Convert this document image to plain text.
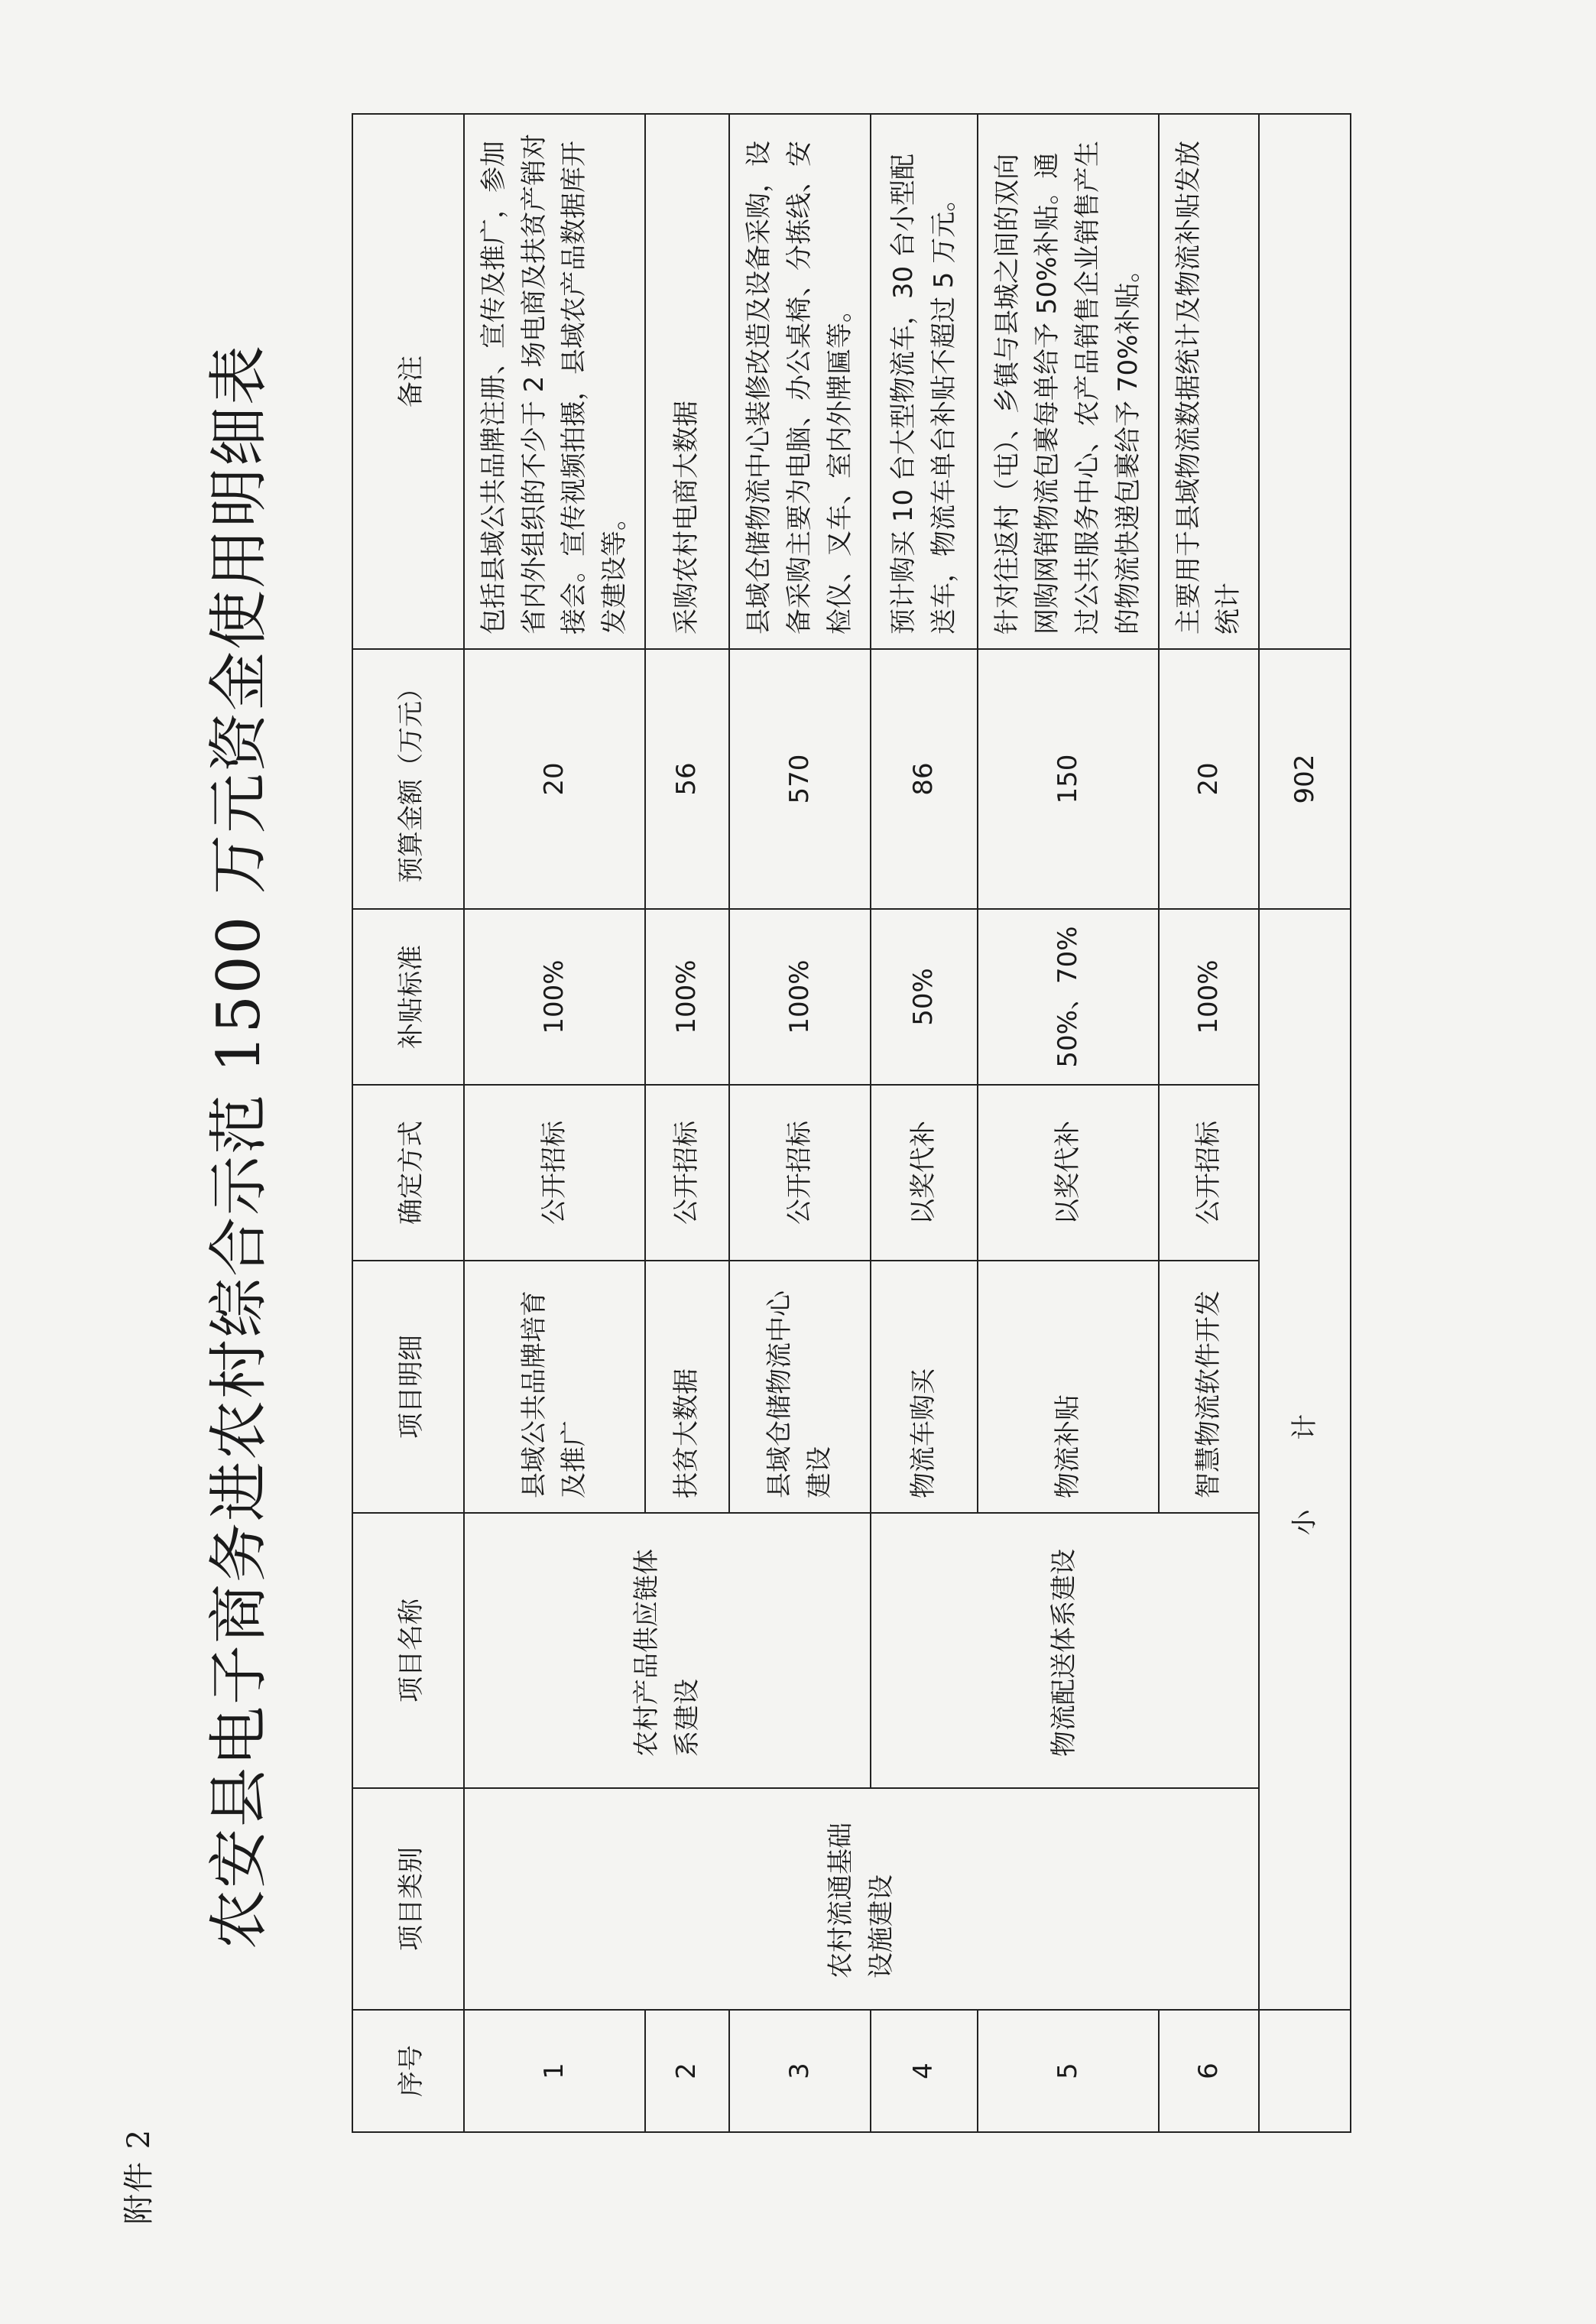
附件 2
农安县电子商务进农村综合示范 1500 万元资金使用明细表
序号	项目类别	项目名称	项目明细	确定方式	补贴标准	预算金额（万元）	备注
1	农村流通基础设施建设	农村产品供应链体系建设	县域公共品牌培育及推广	公开招标	100%	20	包括县域公共品牌注册、宣传及推广，参加省内外组织的不少于 2 场电商及扶贫产销对接会。宣传视频拍摄，县域农产品数据库开发建设等。
2			扶贫大数据	公开招标	100%	56	采购农村电商大数据
3			县域仓储物流中心建设	公开招标	100%	570	县域仓储物流中心装修改造及设备采购，设备采购主要为电脑、办公桌椅、分拣线、安检仪、叉车、室内外牌匾等。
4		物流配送体系建设	物流车购买	以奖代补	50%	86	预计购买 10 台大型物流车，30 台小型配送车，物流车单台补贴不超过 5 万元。
5			物流补贴	以奖代补	50%、70%	150	针对往返村（屯）、乡镇与县城之间的双向网购网销物流包裹每单给予 50%补贴。通过公共服务中心、农产品销售企业销售产生的物流快递包裹给予 70%补贴。
6			智慧物流软件开发	公开招标	100%	20	主要用于县域物流数据统计及物流补贴发放统计
	小 计					902	
